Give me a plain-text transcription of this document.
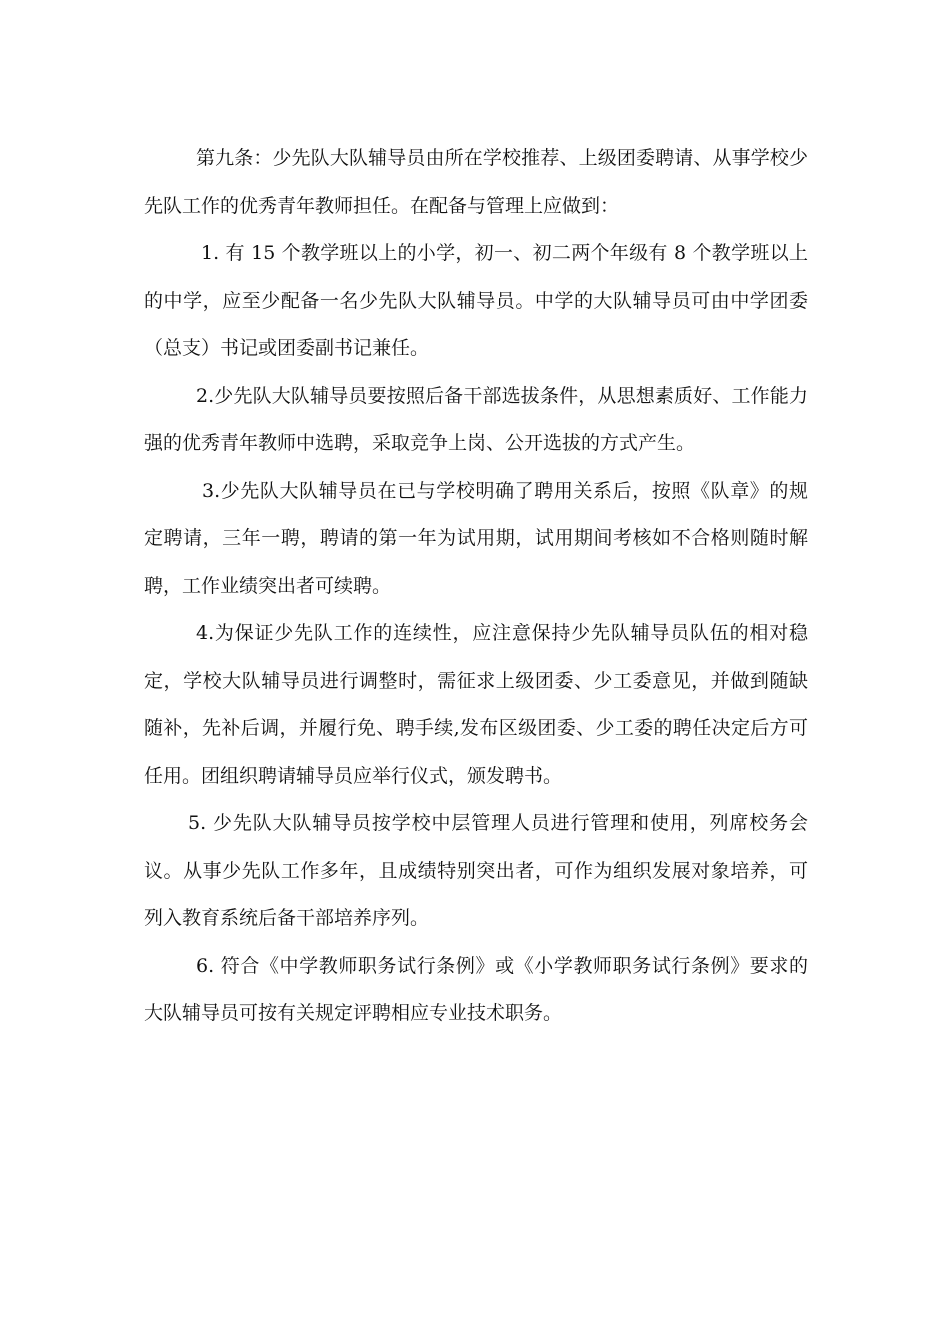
第九条：少先队大队辅导员由所在学校推荐、上级团委聘请、从事学校少先队工作的优秀青年教师担任。在配备与管理上应做到：

1. 有 15 个教学班以上的小学，初一、初二两个年级有 8 个教学班以上的中学，应至少配备一名少先队大队辅导员。中学的大队辅导员可由中学团委（总支）书记或团委副书记兼任。

2.少先队大队辅导员要按照后备干部选拔条件，从思想素质好、工作能力强的优秀青年教师中选聘，采取竞争上岗、公开选拔的方式产生。

3.少先队大队辅导员在已与学校明确了聘用关系后，按照《队章》的规定聘请，三年一聘，聘请的第一年为试用期，试用期间考核如不合格则随时解聘，工作业绩突出者可续聘。

4.为保证少先队工作的连续性，应注意保持少先队辅导员队伍的相对稳定，学校大队辅导员进行调整时，需征求上级团委、少工委意见，并做到随缺随补，先补后调，并履行免、聘手续,发布区级团委、少工委的聘任决定后方可任用。团组织聘请辅导员应举行仪式，颁发聘书。

5. 少先队大队辅导员按学校中层管理人员进行管理和使用，列席校务会议。从事少先队工作多年，且成绩特别突出者，可作为组织发展对象培养，可列入教育系统后备干部培养序列。

6. 符合《中学教师职务试行条例》或《小学教师职务试行条例》要求的大队辅导员可按有关规定评聘相应专业技术职务。
